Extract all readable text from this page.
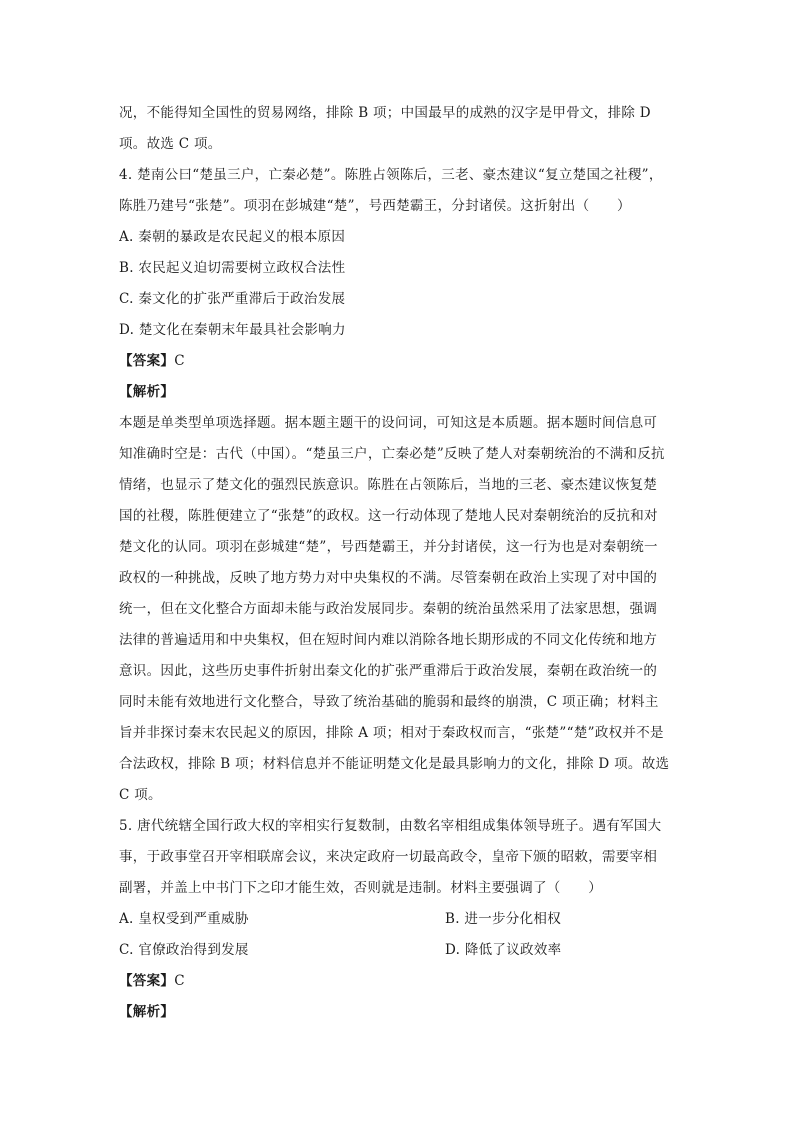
况，不能得知全国性的贸易网络，排除 B 项；中国最早的成熟的汉字是甲骨文，排除 D
项。故选 C 项。
4. 楚南公曰“楚虽三户，亡秦必楚”。陈胜占领陈后，三老、豪杰建议“复立楚国之社稷”，
陈胜乃建号“张楚”。项羽在彭城建“楚”，号西楚霸王，分封诸侯。这折射出（　　）
A. 秦朝的暴政是农民起义的根本原因
B. 农民起义迫切需要树立政权合法性
C. 秦文化的扩张严重滞后于政治发展
D. 楚文化在秦朝末年最具社会影响力
【答案】C
【解析】
本题是单类型单项选择题。据本题主题干的设问词，可知这是本质题。据本题时间信息可
知准确时空是：古代（中国）。“楚虽三户，亡秦必楚”反映了楚人对秦朝统治的不满和反抗
情绪，也显示了楚文化的强烈民族意识。陈胜在占领陈后，当地的三老、豪杰建议恢复楚
国的社稷，陈胜便建立了“张楚”的政权。这一行动体现了楚地人民对秦朝统治的反抗和对
楚文化的认同。项羽在彭城建“楚”，号西楚霸王，并分封诸侯，这一行为也是对秦朝统一
政权的一种挑战，反映了地方势力对中央集权的不满。尽管秦朝在政治上实现了对中国的
统一，但在文化整合方面却未能与政治发展同步。秦朝的统治虽然采用了法家思想，强调
法律的普遍适用和中央集权，但在短时间内难以消除各地长期形成的不同文化传统和地方
意识。因此，这些历史事件折射出秦文化的扩张严重滞后于政治发展，秦朝在政治统一的
同时未能有效地进行文化整合，导致了统治基础的脆弱和最终的崩溃，C 项正确；材料主
旨并非探讨秦末农民起义的原因，排除 A 项；相对于秦政权而言，“张楚”“楚”政权并不是
合法政权，排除 B 项；材料信息并不能证明楚文化是最具影响力的文化，排除 D 项。故选
C 项。
5. 唐代统辖全国行政大权的宰相实行复数制，由数名宰相组成集体领导班子。遇有军国大
事，于政事堂召开宰相联席会议，来决定政府一切最高政令，皇帝下颁的昭敕，需要宰相
副署，并盖上中书门下之印才能生效，否则就是违制。材料主要强调了（　　）
A. 皇权受到严重威胁	B. 进一步分化相权
C. 官僚政治得到发展	D. 降低了议政效率
【答案】C
【解析】
